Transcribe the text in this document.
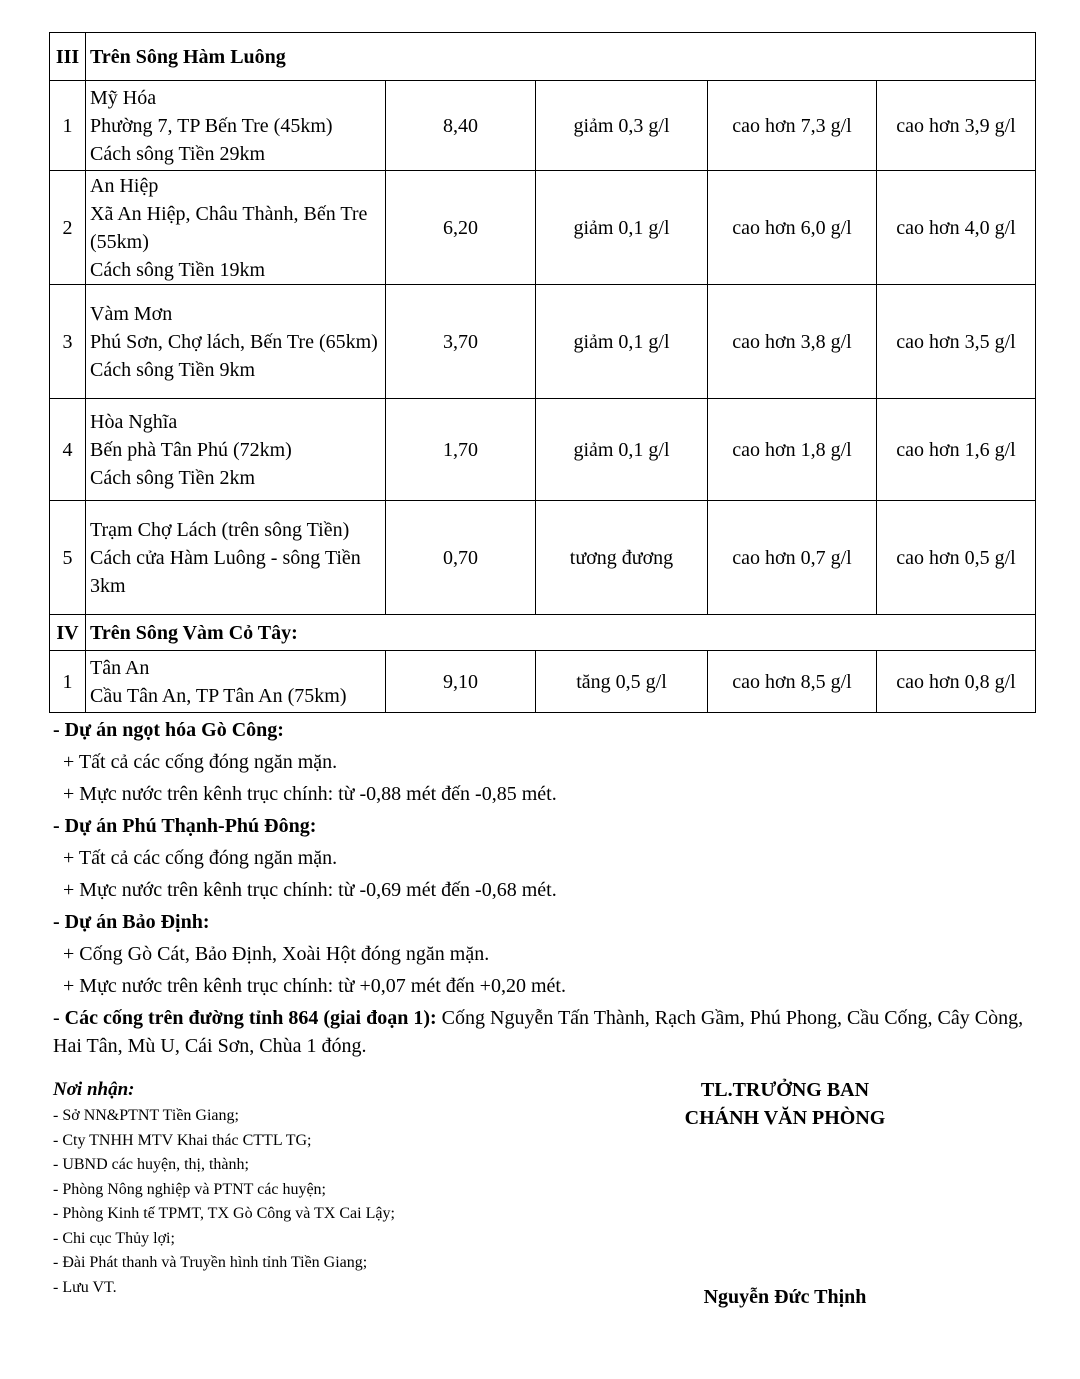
III	Trên Sông Hàm Luông				
1	Mỹ Hóa
Phường 7, TP Bến Tre (45km)
Cách sông Tiền 29km	8,40	giảm 0,3 g/l	cao hơn 7,3 g/l	cao hơn 3,9 g/l
2	An Hiệp
Xã An Hiệp, Châu Thành, Bến Tre (55km)
Cách sông Tiền 19km	6,20	giảm 0,1 g/l	cao hơn 6,0 g/l	cao hơn 4,0 g/l
3	Vàm Mơn
Phú Sơn, Chợ lách, Bến Tre (65km)
Cách sông Tiền 9km	3,70	giảm 0,1 g/l	cao hơn 3,8 g/l	cao hơn 3,5 g/l
4	Hòa Nghĩa
Bến phà Tân Phú (72km)
Cách sông Tiền 2km	1,70	giảm 0,1 g/l	cao hơn 1,8 g/l	cao hơn 1,6 g/l
5	Trạm Chợ Lách (trên sông Tiền)
Cách cửa Hàm Luông - sông Tiền 3km	0,70	tương đương	cao hơn 0,7 g/l	cao hơn 0,5 g/l
IV	Trên Sông Vàm Cỏ Tây:				
1	Tân An
Cầu Tân An, TP Tân An (75km)	9,10	tăng 0,5 g/l	cao hơn 8,5 g/l	cao hơn 0,8 g/l
- Dự án ngọt hóa Gò Công:
+ Tất cả các cống đóng ngăn mặn.
+ Mực nước trên kênh trục chính: từ -0,88 mét đến -0,85 mét.
- Dự án Phú Thạnh-Phú Đông:
+ Tất cả các cống đóng ngăn mặn.
+ Mực nước trên kênh trục chính: từ -0,69 mét đến -0,68 mét.
- Dự án Bảo Định:
+ Cống Gò Cát, Bảo Định, Xoài Hột đóng ngăn mặn.
+ Mực nước trên kênh trục chính: từ +0,07 mét đến +0,20 mét.
- Các cống trên đường tỉnh 864 (giai đoạn 1): Cống Nguyễn Tấn Thành, Rạch Gầm, Phú Phong, Cầu Cống, Cây Còng, Hai Tân, Mù U, Cái Sơn, Chùa 1 đóng.
Nơi nhận:
- Sở NN&PTNT Tiền Giang;
- Cty TNHH MTV Khai thác CTTL TG;
- UBND các huyện, thị, thành;
- Phòng Nông nghiệp và PTNT các huyện;
- Phòng Kinh tế TPMT, TX Gò Công và TX Cai Lậy;
- Chi cục Thủy lợi;
- Đài Phát thanh và Truyền hình tỉnh Tiền Giang;
- Lưu VT.
TL.TRƯỞNG BAN
CHÁNH VĂN PHÒNG
Nguyễn Đức Thịnh
